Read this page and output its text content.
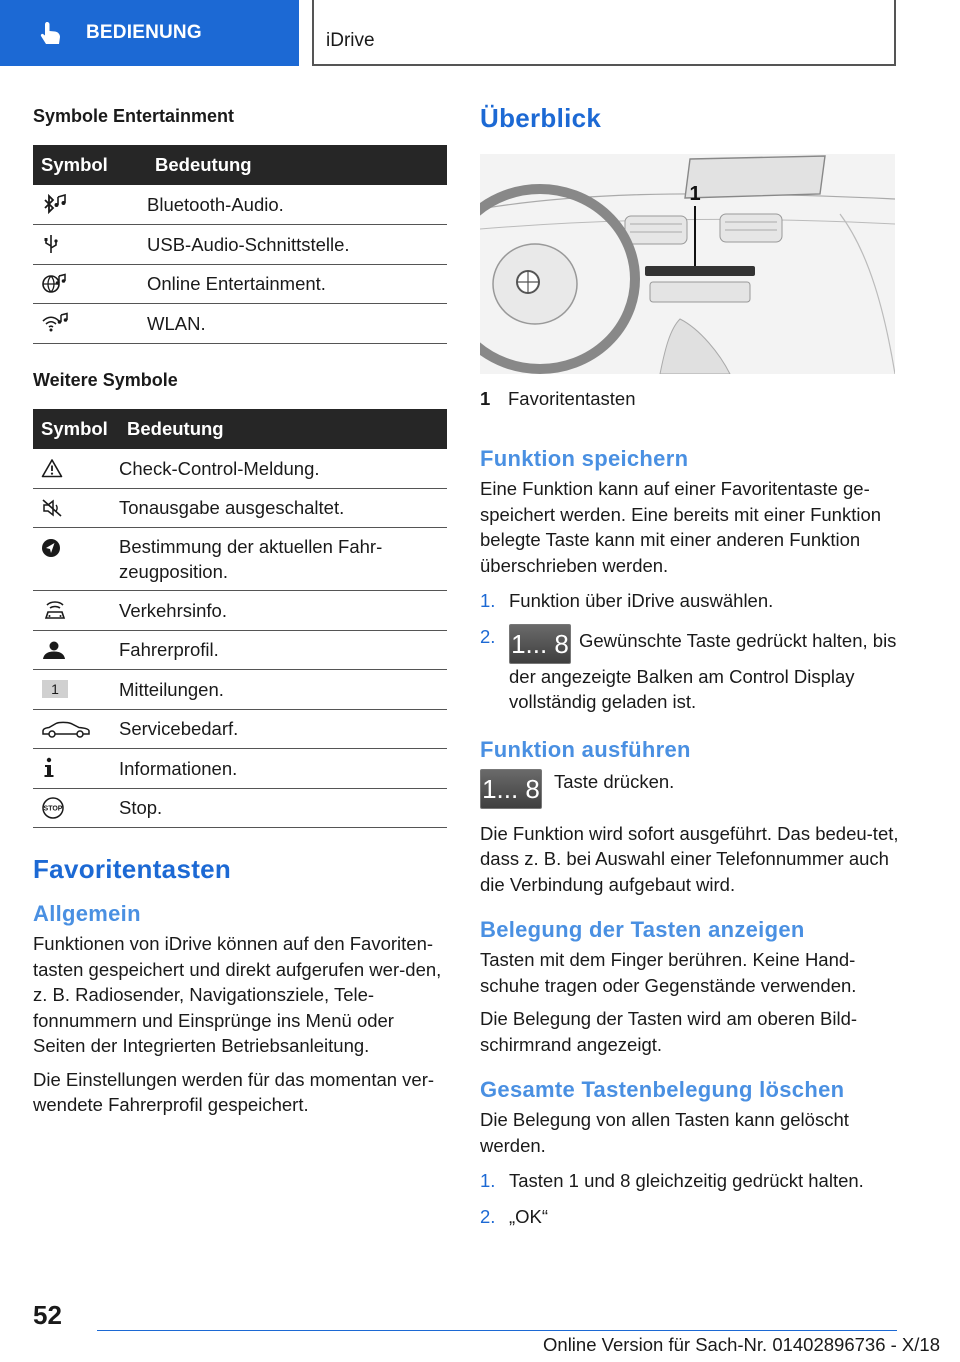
BEDIENUNG	iDrive
Symbole Entertainment
Symbol	Bedeutung

	Bluetooth-Audio.

	USB-Audio-Schnittstelle.

	Online Entertainment.

	WLAN.
Weitere Symbole
Symbol	Bedeutung

	Check-Control-Meldung.

	Tonausgabe ausgeschaltet.

	Bestimmung der aktuellen Fahr-zeugposition.

	Verkehrsinfo.

	Fahrerprofil.

1	Mitteilungen.

	Servicebedarf.

	Informationen.

STOP	Stop.
Favoritentasten
Allgemein

Funktionen von iDrive können auf den Favoriten-tasten gespeichert und direkt aufgerufen wer-den, z. B. Radiosender, Navigationsziele, Tele-fonnummern und Einsprünge ins Menü oder Seiten der Integrierten Betriebsanleitung.

Die Einstellungen werden für das momentan ver-wendete Fahrerprofil gespeichert.

Überblick
1
1 Favoritentasten
Funktion speichern

Eine Funktion kann auf einer Favoritentaste ge-speichert werden. Eine bereits mit einer Funktion belegte Taste kann mit einer anderen Funktion überschrieben werden.

1. Funktion über iDrive auswählen.
2. 1... 8 Gewünschte Taste gedrückt halten, bis der angezeigte Balken am Control Display vollständig geladen ist.
Funktion ausführen
1... 8 Taste drücken.

Die Funktion wird sofort ausgeführt. Das bedeu-tet, dass z. B. bei Auswahl einer Telefonnummer auch die Verbindung aufgebaut wird.

Belegung der Tasten anzeigen

Tasten mit dem Finger berühren. Keine Hand-schuhe tragen oder Gegenstände verwenden.

Die Belegung der Tasten wird am oberen Bild-schirmrand angezeigt.

Gesamte Tastenbelegung löschen

Die Belegung von allen Tasten kann gelöscht werden.

1. Tasten 1 und 8 gleichzeitig gedrückt halten.
2. „OK“
52
Online Version für Sach-Nr. 01402896736 - X/18
